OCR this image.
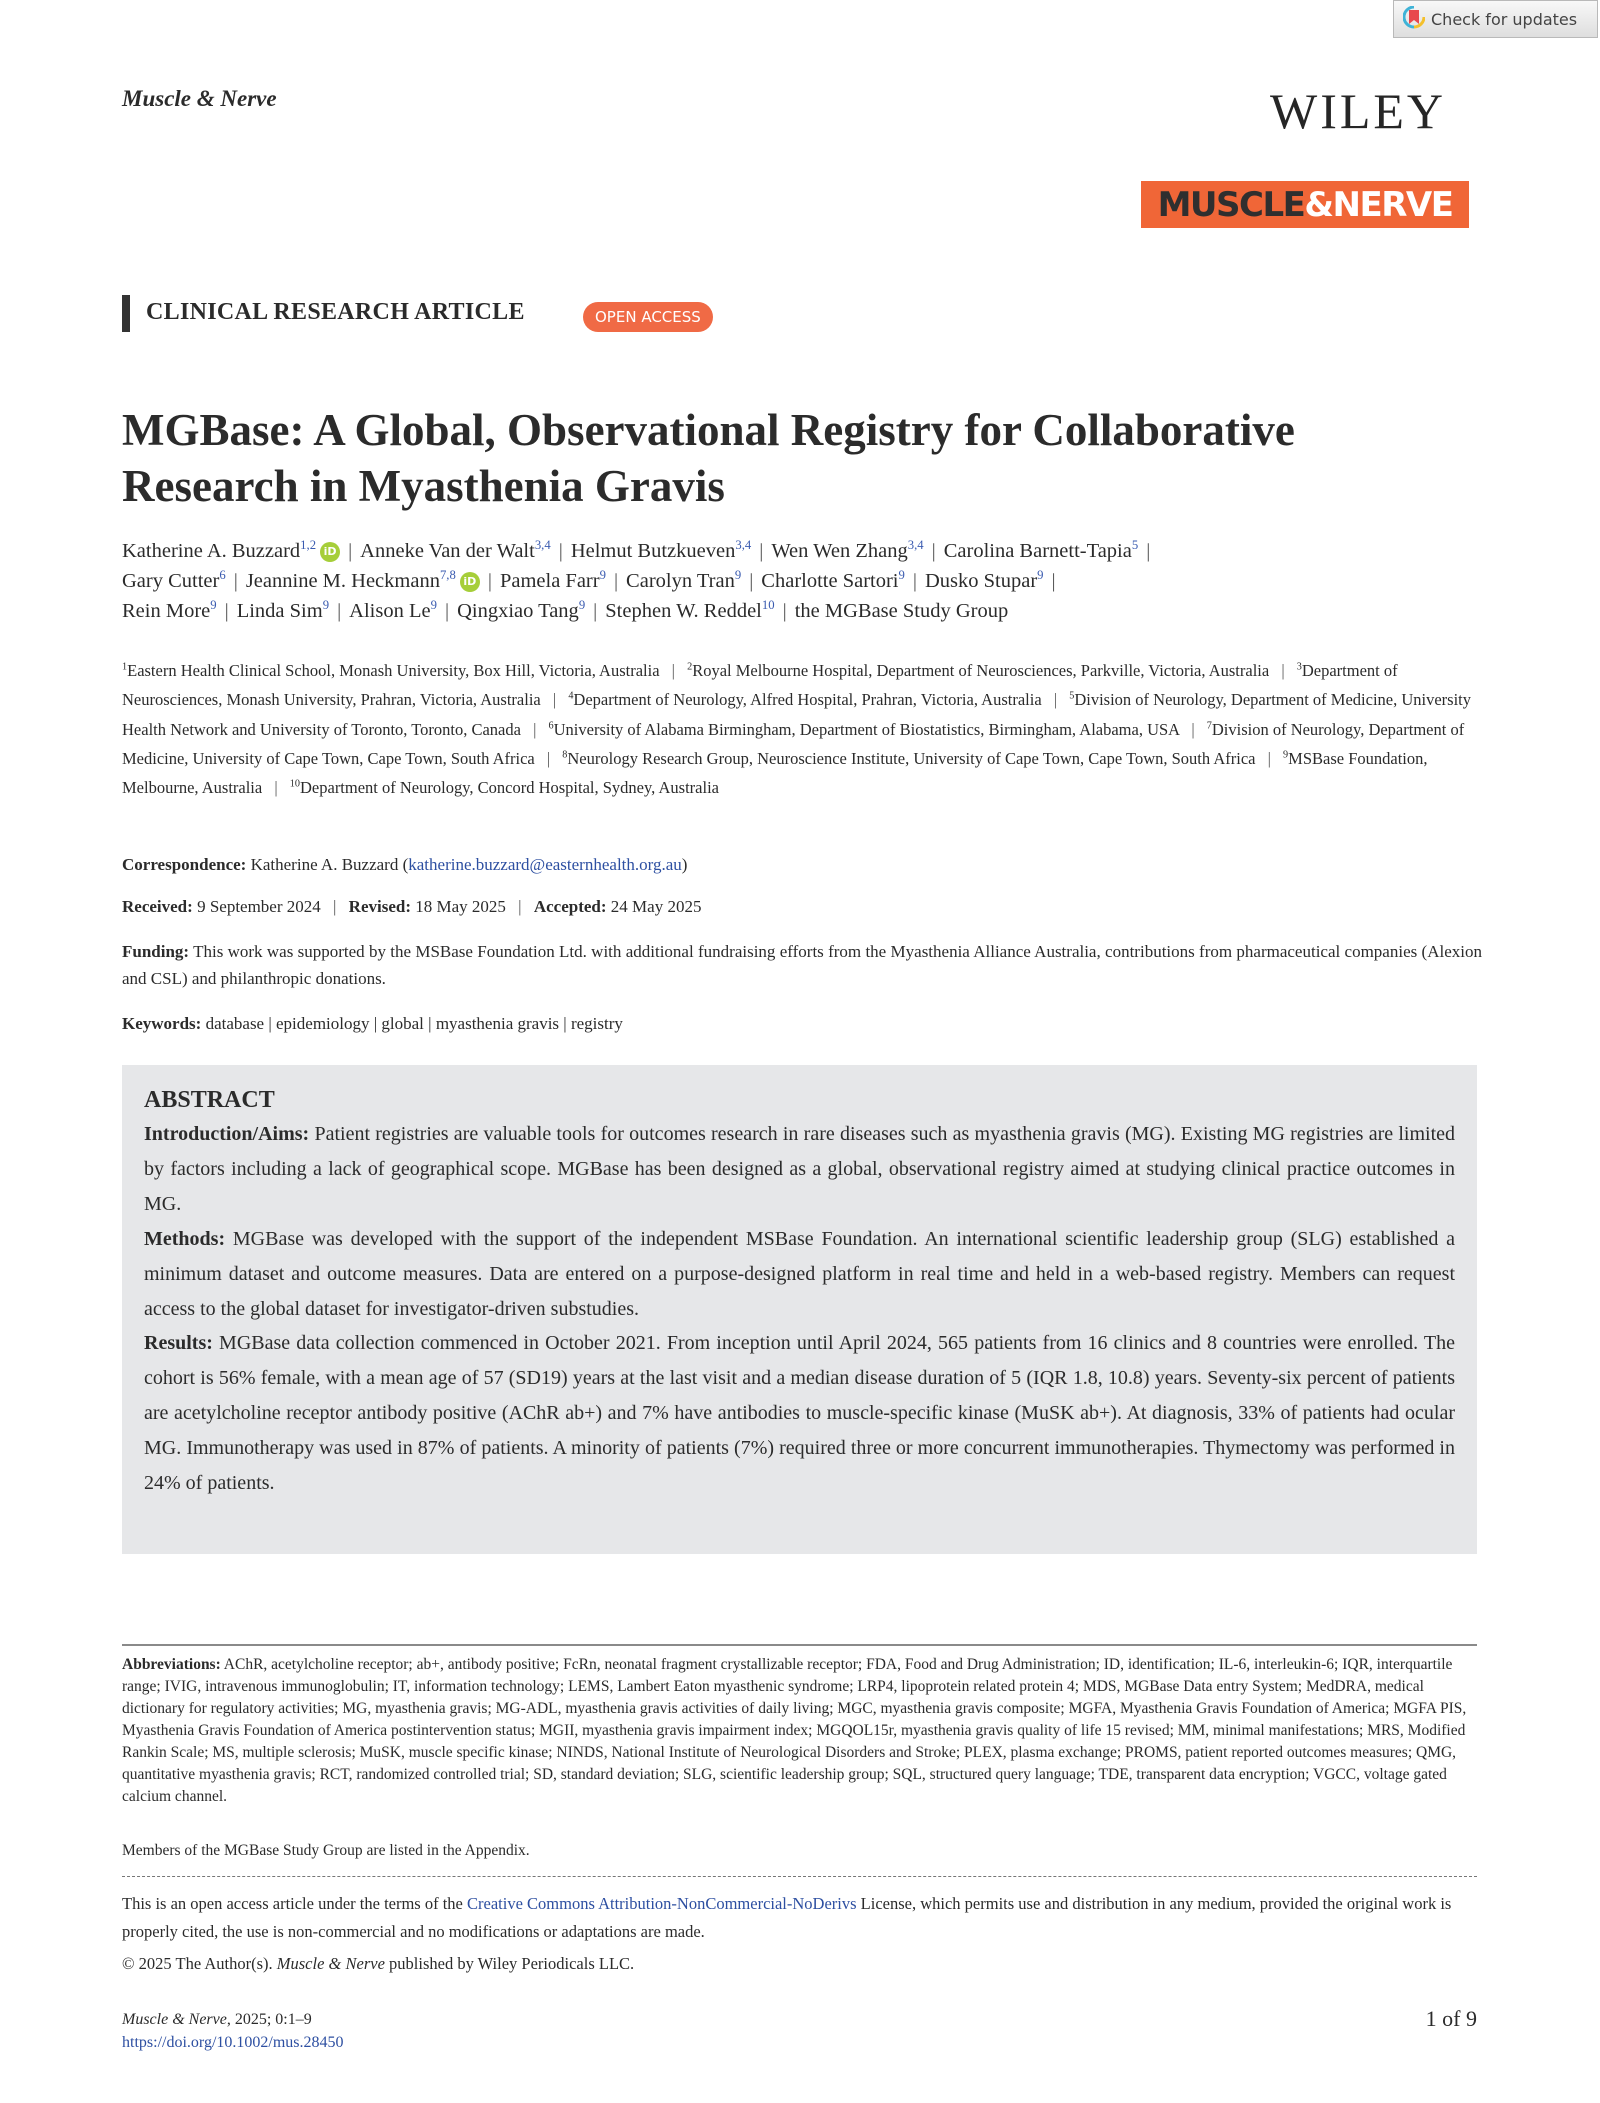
Check for updates
Muscle & Nerve	WILEY
MUSCLE & NERVE
CLINICAL RESEARCH ARTICLE	OPEN ACCESS
MGBase: A Global, Observational Registry for Collaborative
Research in Myasthenia Gravis
Katherine A. Buzzard$^{1,2}$ iD | Anneke Van der Walt$^{3,4}$ | Helmut Butzkueven$^{3,4}$ | Wen Wen Zhang$^{3,4}$ | Carolina Barnett-Tapia$^5$ |
Gary Cutter$^6$ | Jeannine M. Heckmann$^{7,8}$ iD | Pamela Farr$^9$ | Carolyn Tran$^9$ | Charlotte Sartori$^9$ | Dusko Stupar$^9$ |
Rein More$^9$ | Linda Sim$^9$ | Alison Le$^9$ | Qingxiao Tang$^9$ | Stephen W. Reddel$^{10}$ | the MGBase Study Group
$^1$Eastern Health Clinical School, Monash University, Box Hill, Victoria, Australia | $^2$Royal Melbourne Hospital, Department of Neurosciences, Parkville, Victoria, Australia | $^3$Department of Neurosciences, Monash University, Prahran, Victoria, Australia | $^4$Department of Neurology, Alfred Hospital, Prahran, Victoria, Australia | $^5$Division of Neurology, Department of Medicine, University Health Network and University of Toronto, Toronto, Canada | $^6$University of Alabama Birmingham, Department of Biostatistics, Birmingham, Alabama, USA | $^7$Division of Neurology, Department of Medicine, University of Cape Town, Cape Town, South Africa | $^8$Neurology Research Group, Neuroscience Institute, University of Cape Town, Cape Town, South Africa | $^9$MSBase Foundation, Melbourne, Australia | $^{10}$Department of Neurology, Concord Hospital, Sydney, Australia
Correspondence: Katherine A. Buzzard (katherine.buzzard@easternhealth.org.au)
Received: 9 September 2024 | Revised: 18 May 2025 | Accepted: 24 May 2025
Funding: This work was supported by the MSBase Foundation Ltd. with additional fundraising efforts from the Myasthenia Alliance Australia, contributions from pharmaceutical companies (Alexion and CSL) and philanthropic donations.
Keywords: database | epidemiology | global | myasthenia gravis | registry
ABSTRACT

Introduction/Aims: Patient registries are valuable tools for outcomes research in rare diseases such as myasthenia gravis (MG). Existing MG registries are limited by factors including a lack of geographical scope. MGBase has been designed as a global, observational registry aimed at studying clinical practice outcomes in MG.

Methods: MGBase was developed with the support of the independent MSBase Foundation. An international scientific leadership group (SLG) established a minimum dataset and outcome measures. Data are entered on a purpose-designed platform in real time and held in a web-based registry. Members can request access to the global dataset for investigator-driven substudies.

Results: MGBase data collection commenced in October 2021. From inception until April 2024, 565 patients from 16 clinics and 8 countries were enrolled. The cohort is 56% female, with a mean age of 57 (SD19) years at the last visit and a median disease duration of 5 (IQR 1.8, 10.8) years. Seventy-six percent of patients are acetylcholine receptor antibody positive (AChR ab+) and 7% have antibodies to muscle-specific kinase (MuSK ab+). At diagnosis, 33% of patients had ocular MG. Immunotherapy was used in 87% of patients. A minority of patients (7%) required three or more concurrent immunotherapies. Thymectomy was performed in 24% of patients.

Abbreviations: AChR, acetylcholine receptor; ab+, antibody positive; FcRn, neonatal fragment crystallizable receptor; FDA, Food and Drug Administration; ID, identification; IL-6, interleukin-6; IQR, interquartile range; IVIG, intravenous immunoglobulin; IT, information technology; LEMS, Lambert Eaton myasthenic syndrome; LRP4, lipoprotein related protein 4; MDS, MGBase Data entry System; MedDRA, medical dictionary for regulatory activities; MG, myasthenia gravis; MG-ADL, myasthenia gravis activities of daily living; MGC, myasthenia gravis composite; MGFA, Myasthenia Gravis Foundation of America; MGFA PIS, Myasthenia Gravis Foundation of America postintervention status; MGII, myasthenia gravis impairment index; MGQOL15r, myasthenia gravis quality of life 15 revised; MM, minimal manifestations; MRS, Modified Rankin Scale; MS, multiple sclerosis; MuSK, muscle specific kinase; NINDS, National Institute of Neurological Disorders and Stroke; PLEX, plasma exchange; PROMS, patient reported outcomes measures; QMG, quantitative myasthenia gravis; RCT, randomized controlled trial; SD, standard deviation; SLG, scientific leadership group; SQL, structured query language; TDE, transparent data encryption; VGCC, voltage gated calcium channel.
Members of the MGBase Study Group are listed in the Appendix.
This is an open access article under the terms of the Creative Commons Attribution-NonCommercial-NoDerivs License, which permits use and distribution in any medium, provided the original work is properly cited, the use is non-commercial and no modifications or adaptations are made.
© 2025 The Author(s). Muscle & Nerve published by Wiley Periodicals LLC.
Muscle & Nerve, 2025; 0:1–9
https://doi.org/10.1002/mus.28450
1 of 9
